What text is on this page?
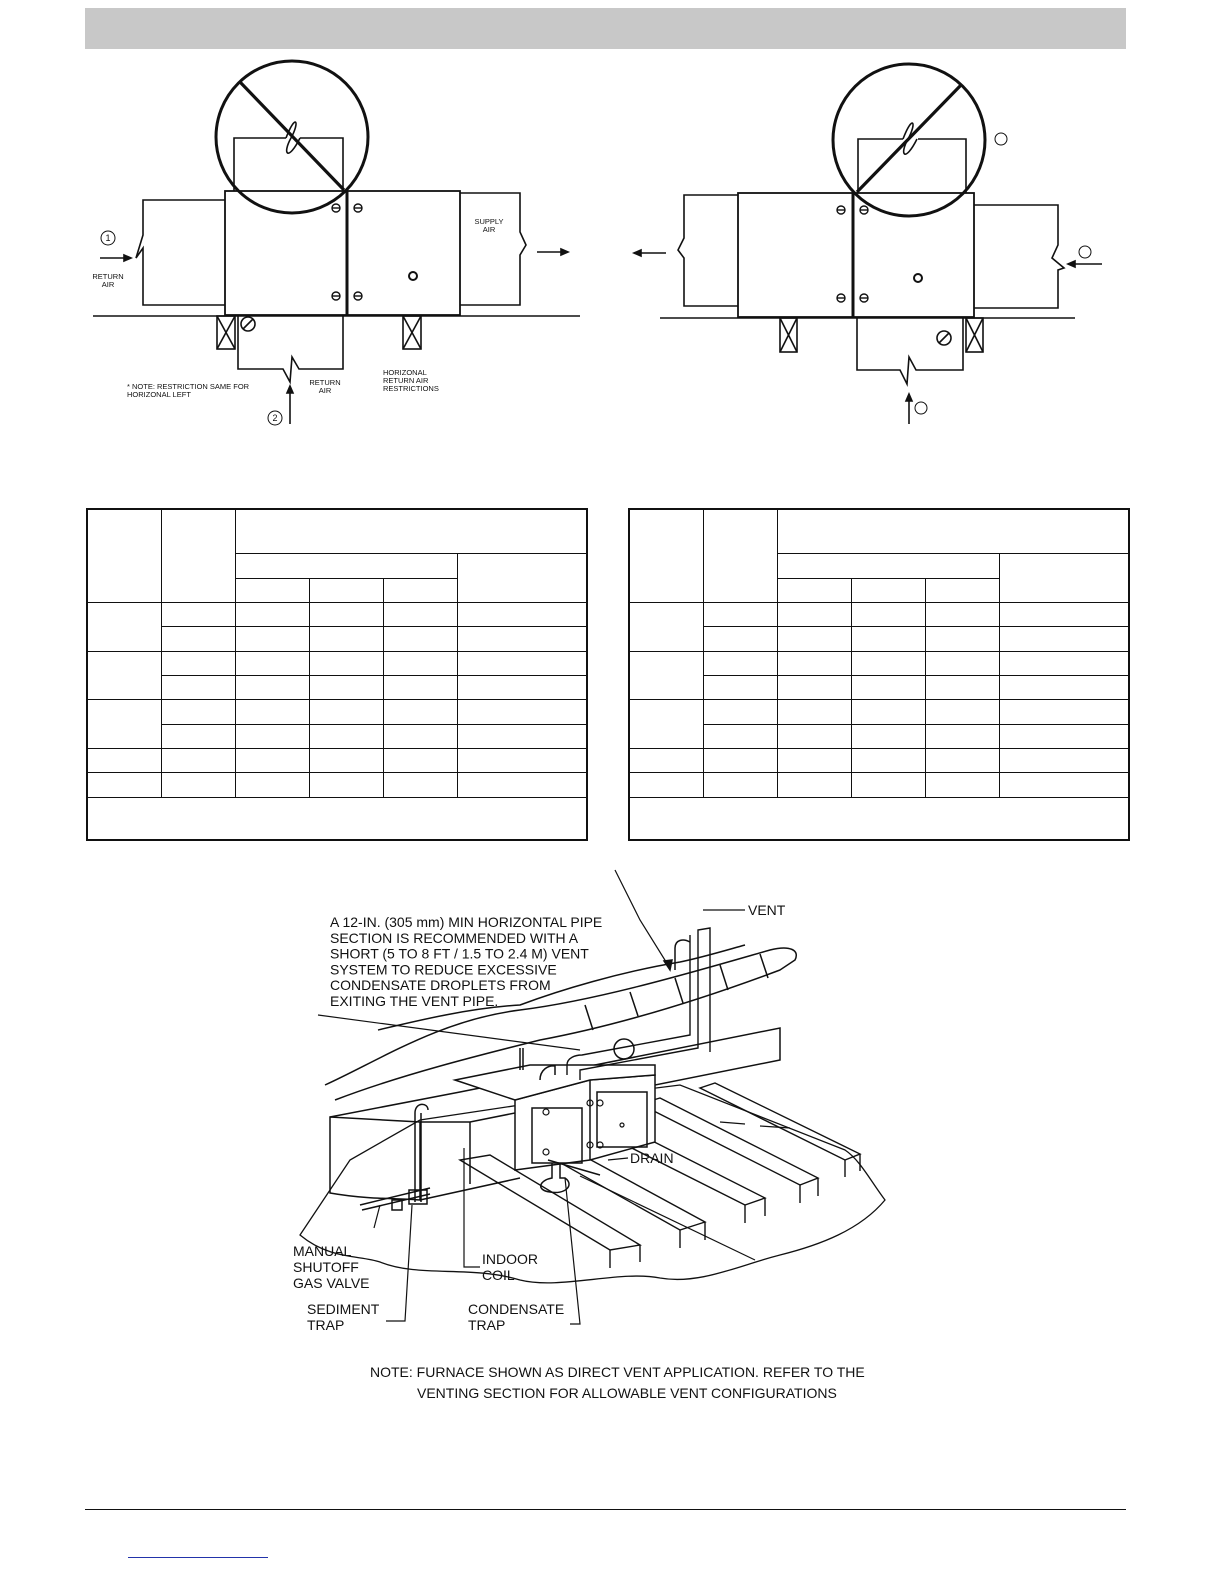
1
2
RETURN AIR
SUPPLY AIR
RETURN AIR
* NOTE: RESTRICTION SAME FOR HORIZONAL LEFT
HORIZONAL RETURN AIR RESTRICTIONS

A 12-IN. (305 mm) MIN HORIZONTAL PIPE SECTION IS RECOMMENDED WITH A SHORT (5 TO 8 FT / 1.5 TO 2.4 M) VENT SYSTEM TO REDUCE EXCESSIVE CONDENSATE DROPLETS FROM EXITING THE VENT PIPE.
VENT
DRAIN
MANUAL SHUTOFF GAS VALVE
INDOOR COIL
SEDIMENT TRAP
CONDENSATE TRAP
NOTE: FURNACE SHOWN AS DIRECT VENT APPLICATION. REFER TO THE
VENTING SECTION FOR ALLOWABLE VENT CONFIGURATIONS
